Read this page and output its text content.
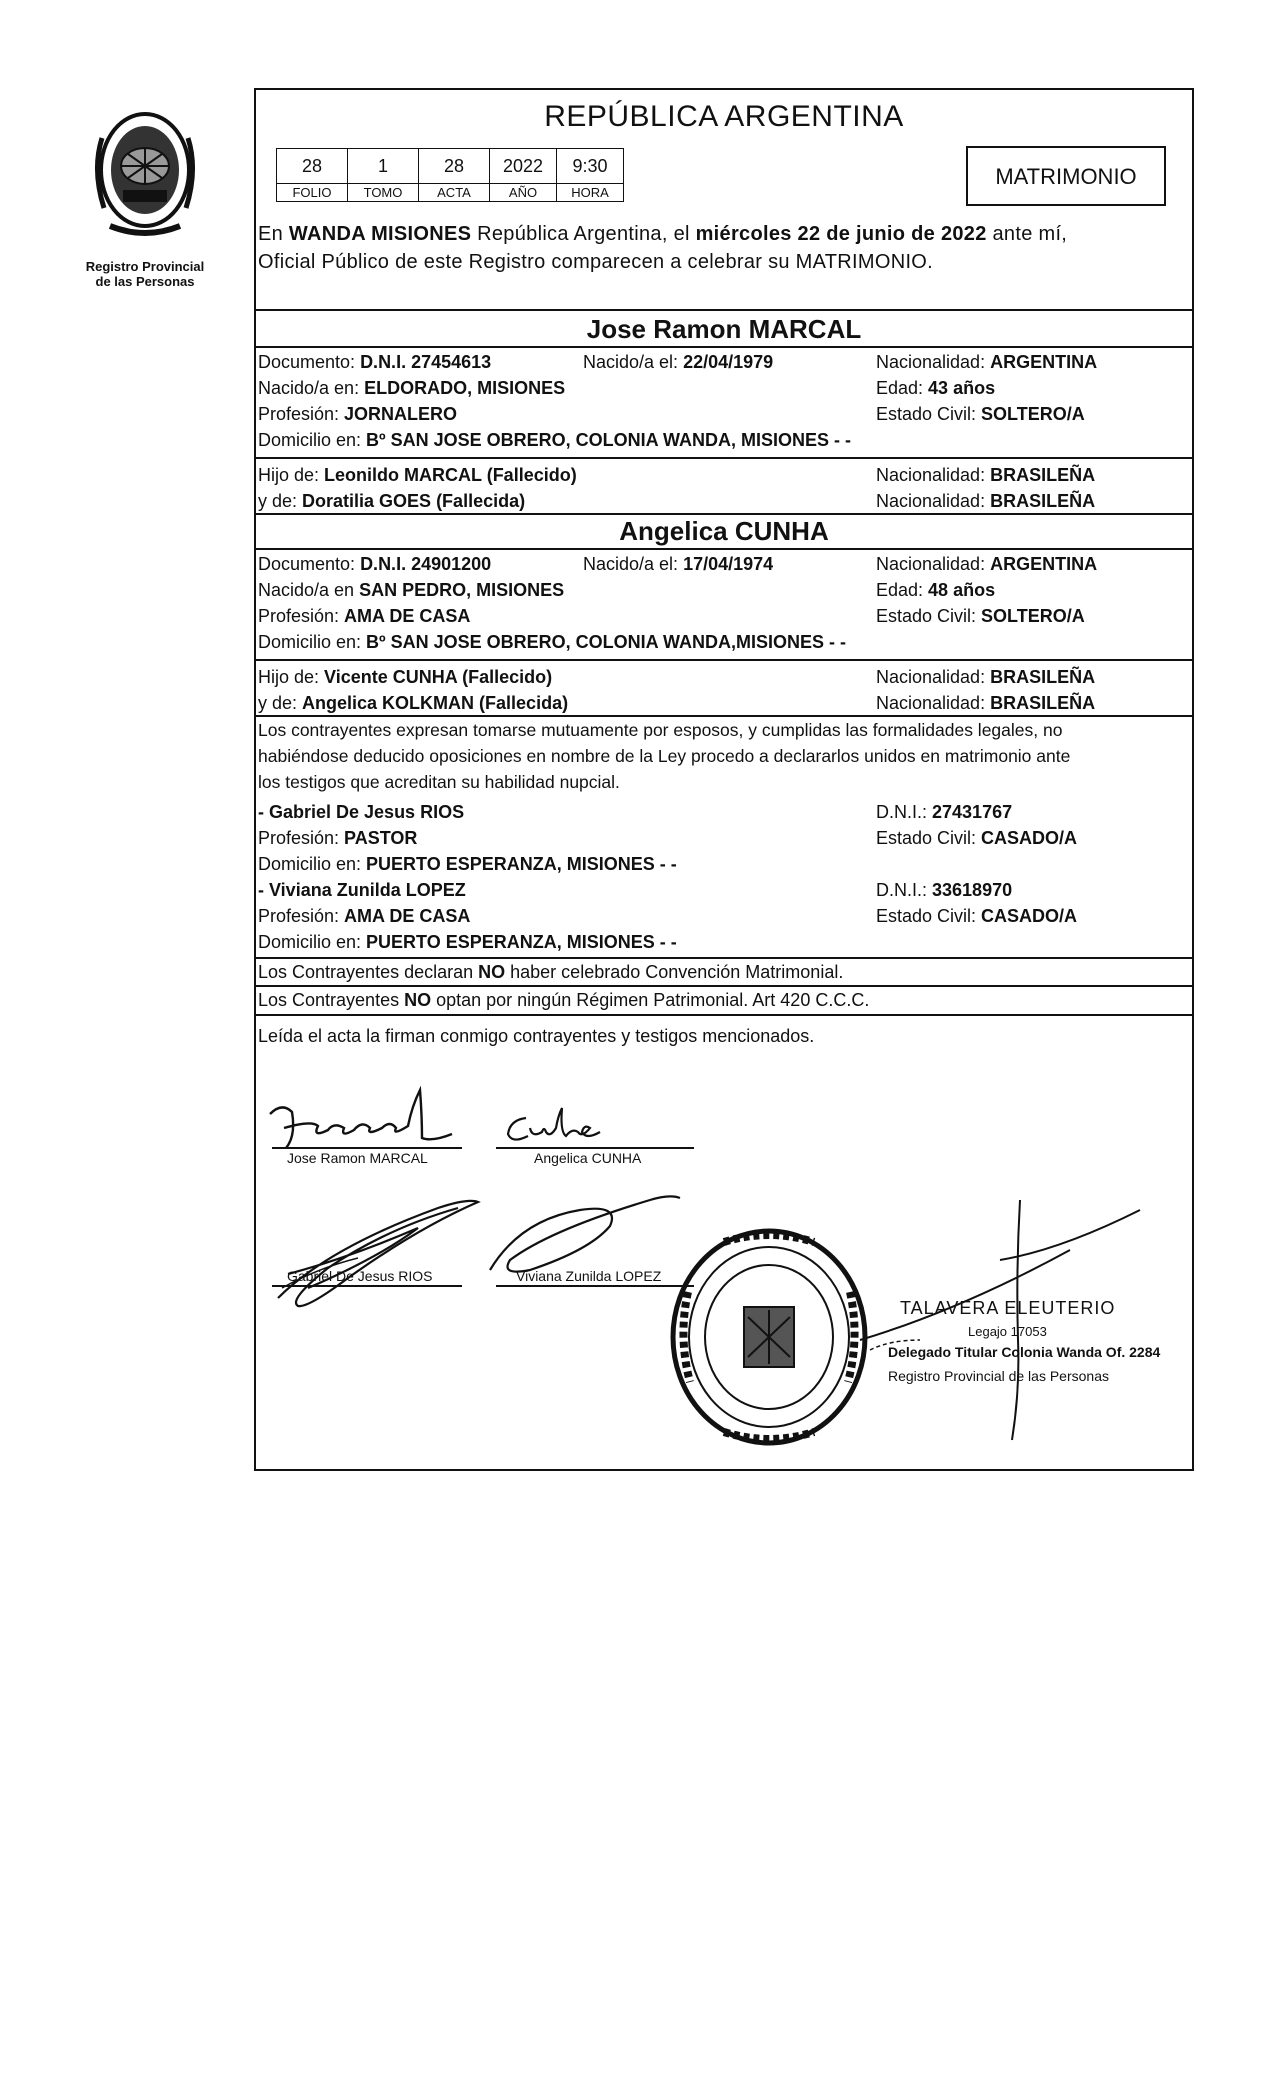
Registro Provincial
de las Personas
REPÚBLICA ARGENTINA
28	1	28	2022	9:30
FOLIO	TOMO	ACTA	AÑO	HORA
MATRIMONIO
En WANDA MISIONES República Argentina, el miércoles 22 de junio de 2022 ante mí,
Oficial Público de este Registro comparecen a celebrar su MATRIMONIO.
Jose Ramon MARCAL
Documento: D.N.I. 27454613	Nacido/a el: 22/04/1979	Nacionalidad: ARGENTINA
Nacido/a en: ELDORADO, MISIONES	Edad: 43 años
Profesión: JORNALERO	Estado Civil: SOLTERO/A
Domicilio en: Bº SAN JOSE OBRERO, COLONIA WANDA, MISIONES - -
Hijo de: Leonildo MARCAL (Fallecido)	Nacionalidad: BRASILEÑA
y de: Doratilia GOES (Fallecida)	Nacionalidad: BRASILEÑA
Angelica CUNHA
Documento: D.N.I. 24901200	Nacido/a el: 17/04/1974	Nacionalidad: ARGENTINA
Nacido/a en SAN PEDRO, MISIONES	Edad: 48 años
Profesión: AMA DE CASA	Estado Civil: SOLTERO/A
Domicilio en: Bº SAN JOSE OBRERO, COLONIA WANDA,MISIONES - -
Hijo de: Vicente CUNHA (Fallecido)	Nacionalidad: BRASILEÑA
y de: Angelica KOLKMAN (Fallecida)	Nacionalidad: BRASILEÑA
Los contrayentes expresan tomarse mutuamente por esposos, y cumplidas las formalidades legales, no
habiéndose deducido oposiciones en nombre de la Ley procedo a declararlos unidos en matrimonio ante
los testigos que acreditan su habilidad nupcial.
- Gabriel De Jesus RIOS	D.N.I.: 27431767
Profesión: PASTOR	Estado Civil: CASADO/A
Domicilio en: PUERTO ESPERANZA, MISIONES - -
- Viviana Zunilda LOPEZ	D.N.I.: 33618970
Profesión: AMA DE CASA	Estado Civil: CASADO/A
Domicilio en: PUERTO ESPERANZA, MISIONES - -
Los Contrayentes declaran NO haber celebrado Convención Matrimonial.
Los Contrayentes NO optan por ningún Régimen Patrimonial. Art 420 C.C.C.
Leída el acta la firman conmigo contrayentes y testigos mencionados.
Jose Ramon MARCAL	Angelica CUNHA
Gabriel De Jesus RIOS	Viviana Zunilda LOPEZ
TALAVERA ELEUTERIO
Legajo 17053
Delegado Titular Colonia Wanda Of. 2284
Registro Provincial de las Personas
